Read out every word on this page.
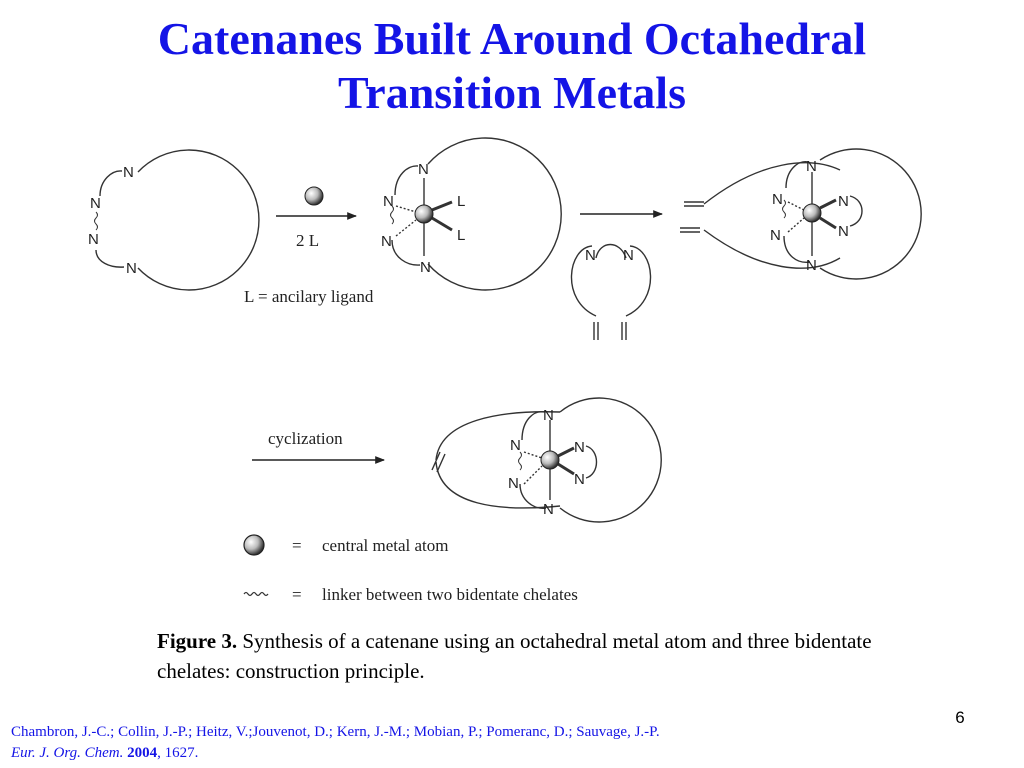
Catenanes Built Around Octahedral
Transition Metals
N
N
N
N
2 L
N
N
N
N
L
L
L = ancilary ligand
N N
N
N	N
N
N
N
cyclization
N
N	N
N
N
N
= central metal atom
= linker between two bidentate chelates
Figure 3. Synthesis of a catenane using an octahedral metal atom and three bidentate chelates: construction principle.
6
Chambron, J.-C.; Collin, J.-P.; Heitz, V.;Jouvenot, D.; Kern, J.-M.; Mobian, P.; Pomeranc, D.; Sauvage, J.-P.
Eur. J. Org. Chem. 2004, 1627.
